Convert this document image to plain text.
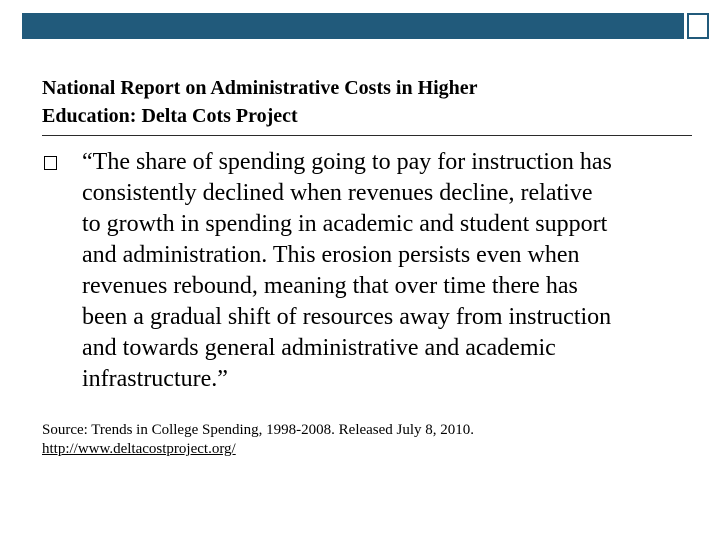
National Report on Administrative Costs in Higher
Education: Delta Cots Project

“The share of spending going to pay for instruction has
consistently declined when revenues decline, relative
to growth in spending in academic and student support
and administration. This erosion persists even when
revenues rebound, meaning that over time there has
been a gradual shift of resources away from instruction
and towards general administrative and academic
infrastructure.”

Source: Trends in College Spending, 1998-2008. Released July 8, 2010.

http://www.deltacostproject.org/
